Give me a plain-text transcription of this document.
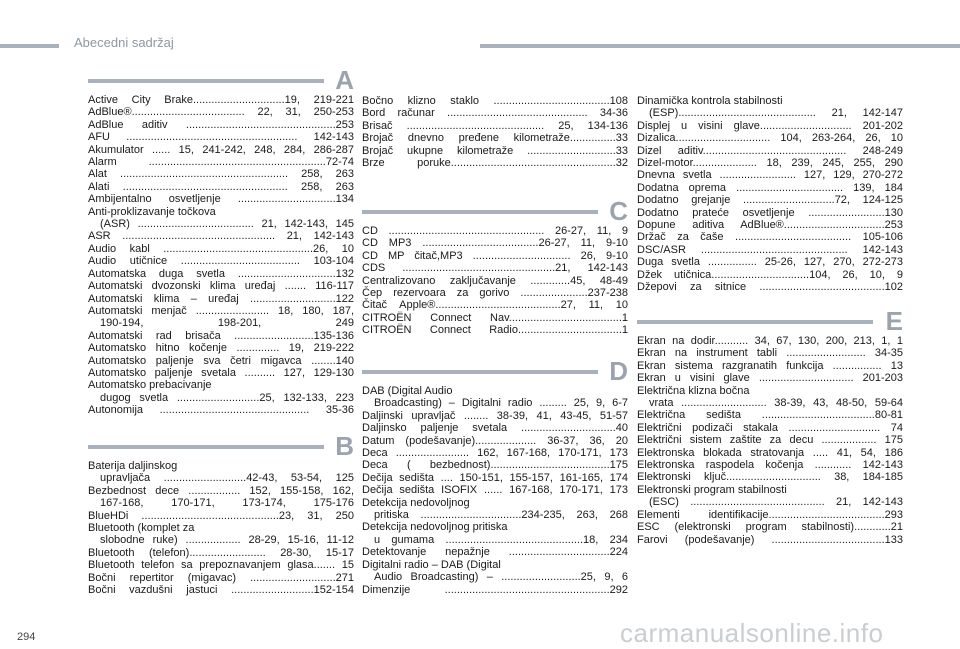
Abecedni sadržaj
A
Active City Brake..............................19, 219-221
AdBlue®..................................... 22, 31, 250-253
AdBlue aditiv .................................................253
AFU ........................................................ 142-143
Akumulator ...... 15, 241-242, 248, 284, 286-287
Alarm ..........................................................72-74
Alat ....................................................... 258, 263
Alati ...................................................... 258, 263
Ambijentalno osvetljenje ................................134
Anti-proklizavanje točkova
(ASR) ...................................... 21, 142-143, 145
ASR .................................................. 21, 142-143
Audio kabl .................................................26, 10
Audio utičnice ....................................... 103-104
Automatska duga svetla ................................132
Automatski dvozonski klima uređaj ....... 116-117
Automatski klima – uređaj ............................122
Automatski menjač ........................ 18, 180, 187,
190-194, 198-201, 249
Automatski rad brisača ..........................135-136
Automatsko hitno kočenje .............. 19, 219-222
Automatsko paljenje sva četri migavca ........140
Automatsko paljenje svetala .......... 127, 129-130
Automatsko prebacivanje
dugog svetla ...........................25, 132-133, 223
Autonomija ................................................. 35-36
B
Baterija daljinskog
upravljača ...........................42-43, 53-54, 125
Bezbednost dece ................. 152, 155-158, 162,
167-168, 170-171, 173-174, 175-176
BlueHDi .............................................23, 31, 250
Bluetooth (komplet za
slobodne ruke) .................. 28-29, 15-16, 11-12
Bluetooth (telefon)......................... 28-30, 15-17
Bluetooth telefon sa prepoznavanjem glasa....... 15
Bočni repertitor (migavac) ............................271
Bočni vazdušni jastuci ...........................152-154
Bočno klizno staklo ......................................108
Bord računar .............................................. 34-36
Brisač ............................................. 25, 134-136
Brojač dnevno pređene kilometraže...............33
Brojač ukupne kilometraže .............................33
Brze poruke......................................................32
C
CD ................................................... 26-27, 11, 9
CD MP3 ......................................26-27, 11, 9-10
CD MP čitač,MP3 ................................ 26, 9-10
CDS ..................................................21, 142-143
Centralizovano zaključavanje .............45, 48-49
Čep rezervoara za gorivo ......................237-238
Čitač Apple®.........................................27, 11, 10
CITROËN Connect Nav.....................................1
CITROËN Connect Radio..................................1
D
DAB (Digital Audio
Broadcasting) – Digitalni radio ......... 25, 9, 6-7
Daljinski upravljač ........ 38-39, 41, 43-45, 51-57
Daljinsko paljenje svetala ...............................40
Datum (podešavanje).................... 36-37, 36, 20
Deca ........................ 162, 167-168, 170-171, 173
Deca ( bezbednost).......................................175
Dečija sedišta .... 150-151, 155-157, 161-165, 174
Dečija sedišta ISOFIX ...... 167-168, 170-171, 173
Detekcija nedovoljnog
pritiska .................................234-235, 263, 268
Detekcija nedovoljnog pritiska
u gumama .............................................18, 234
Detektovanje nepažnje .................................224
Digitalni radio – DAB (Digital
Audio Broadcasting) – ..........................25, 9, 6
Dimenzije ......................................................292
Dinamička kontrola stabilnosti
(ESP)............................................. 21, 142-147
Displej u visini glave.............................. 201-202
Dizalica............................... 104, 263-264, 26, 10
Dizel aditiv............................................... 248-249
Dizel-motor..................... 18, 239, 245, 255, 290
Dnevna svetla ......................... 127, 129, 270-272
Dodatna oprema ................................... 139, 184
Dodatno grejanje ..............................72, 124-125
Dodatno prateće osvetljenje .........................130
Dopune aditiva AdBlue®.................................253
Držač za čaše ...................................... 105-106
DSC/ASR ................................................ 142-143
Duga svetla ................ 25-26, 127, 270, 272-273
Džek utičnica................................104, 26, 10, 9
Džepovi za sitnice .........................................102
E
Ekran na dodir........... 34, 67, 130, 200, 213, 1, 1
Ekran na instrument tabli .......................... 34-35
Ekran sistema razgranatih funkcija ................ 13
Ekran u visini glave ............................... 201-203
Električna klizna bočna
vrata ............................ 38-39, 43, 48-50, 59-64
Električna sedišta .....................................80-81
Električni podizači stakala .............................. 74
Električni sistem zaštite za decu .................. 175
Elektronska blokada stratovanja ..... 41, 54, 186
Elektronska raspodela kočenja ............ 142-143
Elektronski ključ............................... 38, 184-185
Elektronski program stabilnosti
(ESC) ............................................ 21, 142-143
Elementi identifikacije......................................293
ESC (elektronski program stabilnosti)............21
Farovi (podešavanje) .....................................133
294	carmanualsonline.info
